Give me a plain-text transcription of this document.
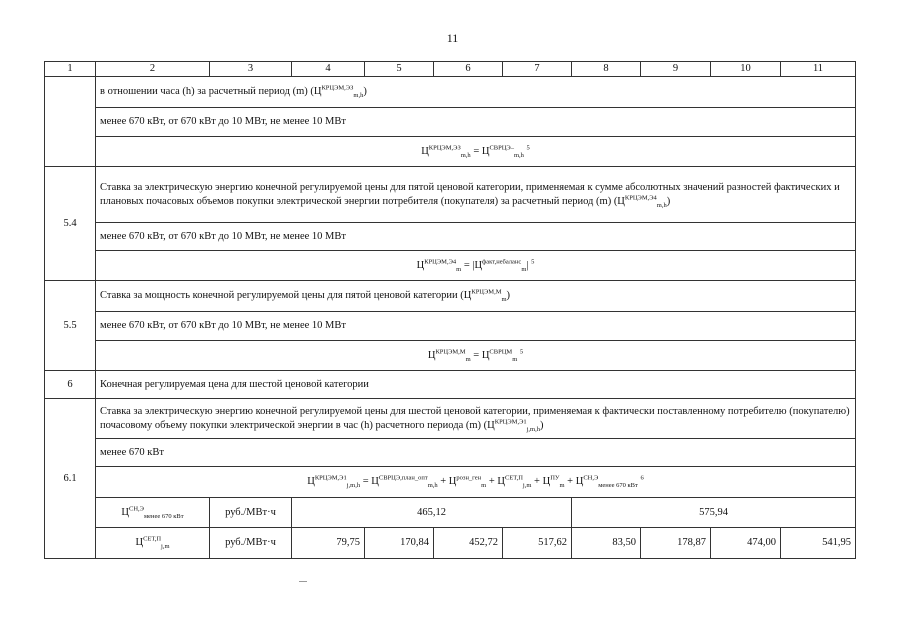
11
1	2	3	4	5	6	7	8	9	10	11
	в отношении часа (h) за расчетный период (m) $(Ц^{КРЦЭМ,ЭЗ}_{m,h})$									
	менее 670 кВт, от 670 кВт до 10 МВт, не менее 10 МВт									
	$Ц^{КРЦЭМ,ЭЗ}_{m,h} = Ц^{СВРЦЭ-}_{m,h}$ $^5$
5.4	Ставка за электрическую энергию конечной регулируемой цены для пятой ценовой категории, применяемая к сумме абсолютных значений разностей фактических и плановых почасовых объемов покупки электрической энергии потребителя (покупателя) за расчетный период (m) $(Ц^{КРЦЭМ,Э4}_{m,h})$									
	менее 670 кВт, от 670 кВт до 10 МВт, не менее 10 МВт									
	$Ц^{КРЦЭМ,Э4}_m = |Ц^{факт,небаланс}_m|$ $^5$
5.5	Ставка за мощность конечной регулируемой цены для пятой ценовой категории $(Ц^{КРЦЭМ,М}_m)$									
	менее 670 кВт, от 670 кВт до 10 МВт, не менее 10 МВт									
	$Ц^{КРЦЭМ,М}_m = Ц^{СВРЦМ}_m$ $^5$
6	Конечная регулируемая цена для шестой ценовой категории									
6.1	Ставка за электрическую энергию конечной регулируемой цены для шестой ценовой категории, применяемая к фактически поставленному потребителю (покупателю) почасовому объему покупки электрической энергии в час (h) расчетного периода (m) $(Ц^{КРЦЭМ,Э1}_{j,m,h})$									
	менее 670 кВт									
	$Ц^{КРЦЭМ,Э1}_{j,m,h} = Ц^{СВРЦЭ,план\_опт}_{m,h} + Ц^{розн\_ген}_m + Ц^{СЕТ,П}_{j,m} + Ц^{ПУ}_m + Ц^{СН,Э}_{менее 670 кВт}$ $^6$
	$Ц^{СН,Э}_{менее 670 кВт}$	руб./МВт·ч	465,12				575,94			
	$Ц^{СЕТ,П}_{j,m}$	руб./МВт·ч	79,75	170,84	452,72	517,62	83,50	178,87	474,00	541,95
